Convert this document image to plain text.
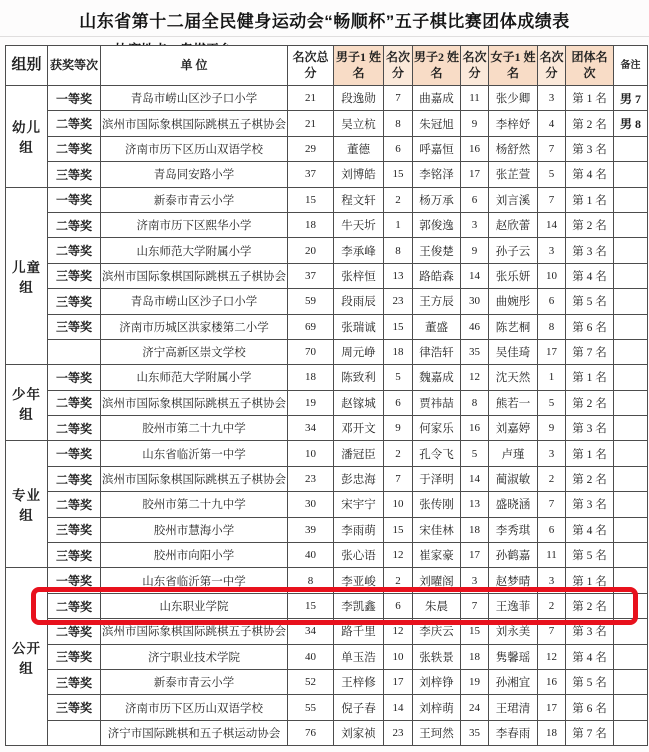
山东省第十二届全民健身运动会“畅顺杯”五子棋比赛团体成绩表
组别	获奖等次	单 位	名次总分	男子1 姓名	名次分	男子2 姓名	名次分	女子1 姓名	名次分	团体名次	备注
幼儿组	一等奖	青岛市崂山区沙子口小学	21	段逸勋	7	曲嘉成	11	张少卿	3	第 1 名	男 7
	二等奖	滨州市国际象棋国际跳棋五子棋协会	21	吴立杭	8	朱冠旭	9	李梓妤	4	第 2 名	男 8
	二等奖	济南市历下区历山双语学校	29	董德	6	呼嘉恒	16	杨舒然	7	第 3 名	
	三等奖	青岛同安路小学	37	刘博皓	15	李铭泽	17	张芷萱	5	第 4 名	
儿童组	一等奖	新泰市青云小学	15	程文轩	2	杨万承	6	刘言溪	7	第 1 名	
	二等奖	济南市历下区熙华小学	18	牛天圻	1	郭俊逸	3	赵欣蕾	14	第 2 名	
	二等奖	山东师范大学附属小学	20	李承峰	8	王俊楚	9	孙子云	3	第 3 名	
	三等奖	滨州市国际象棋国际跳棋五子棋协会	37	张梓恒	13	路皓森	14	张乐妍	10	第 4 名	
	三等奖	青岛市崂山区沙子口小学	59	段雨辰	23	王方辰	30	曲婉彤	6	第 5 名	
	三等奖	济南市历城区洪家楼第二小学	69	张瑞诚	15	董盛	46	陈艺桐	8	第 6 名	
		济宁高新区崇文学校	70	周元峥	18	律浩轩	35	吴佳琦	17	第 7 名	
少年组	一等奖	山东师范大学附属小学	18	陈致利	5	魏嘉成	12	沈天然	1	第 1 名	
	二等奖	滨州市国际象棋国际跳棋五子棋协会	19	赵镓城	6	贾祎喆	8	熊若一	5	第 2 名	
	二等奖	胶州市第二十九中学	34	邓开文	9	何家乐	16	刘嘉婷	9	第 3 名	
专业组	一等奖	山东省临沂第一中学	10	潘冠臣	2	孔令飞	5	卢瑾	3	第 1 名	
	二等奖	滨州市国际象棋国际跳棋五子棋协会	23	彭忠海	7	于泽明	14	蔺淑敏	2	第 2 名	
	二等奖	胶州市第二十九中学	30	宋宇宁	10	张传刚	13	盛晓涵	7	第 3 名	
	三等奖	胶州市慧海小学	39	李雨萌	15	宋佳林	18	李秀琪	6	第 4 名	
	三等奖	胶州市向阳小学	40	张心语	12	崔家豪	17	孙鹤嘉	11	第 5 名	
公开组	一等奖	山东省临沂第一中学	8	李亚峻	2	刘曜阁	3	赵梦晴	3	第 1 名	
	二等奖	山东职业学院	15	李凯鑫	6	朱晨	7	王逸菲	2	第 2 名	
	二等奖	滨州市国际象棋国际跳棋五子棋协会	34	路千里	12	李庆云	15	刘永美	7	第 3 名	
	三等奖	济宁职业技术学院	40	单玉浩	10	张轶景	18	隽馨瑶	12	第 4 名	
	三等奖	新泰市青云小学	52	王梓修	17	刘梓铮	19	孙湘宜	16	第 5 名	
	三等奖	济南市历下区历山双语学校	55	倪子春	14	刘梓萌	24	王珺清	17	第 6 名	
		济宁市国际跳棋和五子棋运动协会	76	刘家祯	23	王珂然	35	李春雨	18	第 7 名	
